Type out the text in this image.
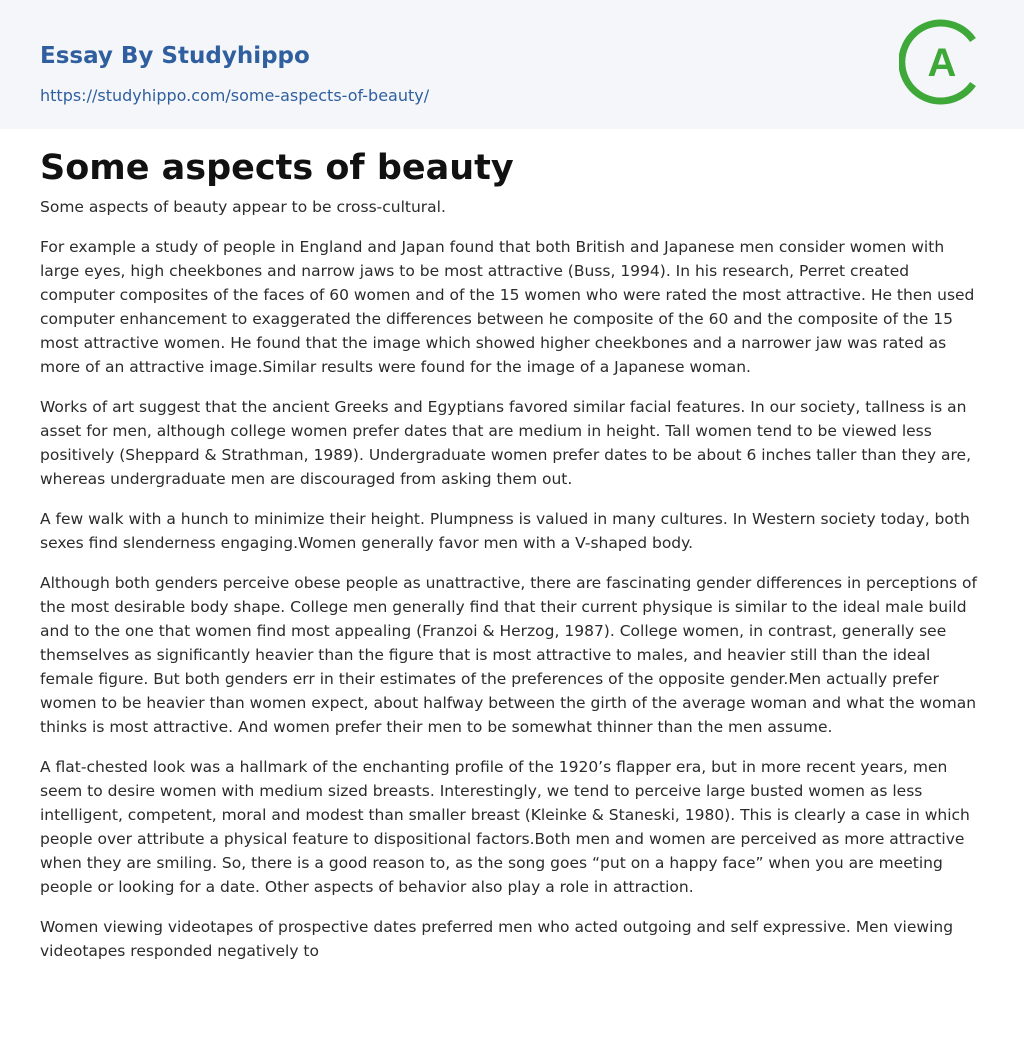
Essay By Studyhippo
https://studyhippo.com/some-aspects-of-beauty/
A
Some aspects of beauty

Some aspects of beauty appear to be cross-cultural.

For example a study of people in England and Japan found that both British and Japanese men consider women with large eyes, high cheekbones and narrow jaws to be most attractive (Buss, 1994). In his research, Perret created computer composites of the faces of 60 women and of the 15 women who were rated the most attractive. He then used computer enhancement to exaggerated the differences between he composite of the 60 and the composite of the 15 most attractive women. He found that the image which showed higher cheekbones and a narrower jaw was rated as more of an attractive image.Similar results were found for the image of a Japanese woman.

Works of art suggest that the ancient Greeks and Egyptians favored similar facial features. In our society, tallness is an asset for men, although college women prefer dates that are medium in height. Tall women tend to be viewed less positively (Sheppard & Strathman, 1989). Undergraduate women prefer dates to be about 6 inches taller than they are, whereas undergraduate men are discouraged from asking them out.

A few walk with a hunch to minimize their height. Plumpness is valued in many cultures. In Western society today, both sexes find slenderness engaging.Women generally favor men with a V-shaped body.

Although both genders perceive obese people as unattractive, there are fascinating gender differences in perceptions of the most desirable body shape. College men generally find that their current physique is similar to the ideal male build and to the one that women find most appealing (Franzoi & Herzog, 1987). College women, in contrast, generally see themselves as significantly heavier than the figure that is most attractive to males, and heavier still than the ideal female figure. But both genders err in their estimates of the preferences of the opposite gender.Men actually prefer women to be heavier than women expect, about halfway between the girth of the average woman and what the woman thinks is most attractive. And women prefer their men to be somewhat thinner than the men assume.

A flat-chested look was a hallmark of the enchanting profile of the 1920’s flapper era, but in more recent years, men seem to desire women with medium sized breasts. Interestingly, we tend to perceive large busted women as less intelligent, competent, moral and modest than smaller breast (Kleinke & Staneski, 1980). This is clearly a case in which people over attribute a physical feature to dispositional factors.Both men and women are perceived as more attractive when they are smiling. So, there is a good reason to, as the song goes “put on a happy face” when you are meeting people or looking for a date. Other aspects of behavior also play a role in attraction.

Women viewing videotapes of prospective dates preferred men who acted outgoing and self expressive. Men viewing videotapes responded negatively to
